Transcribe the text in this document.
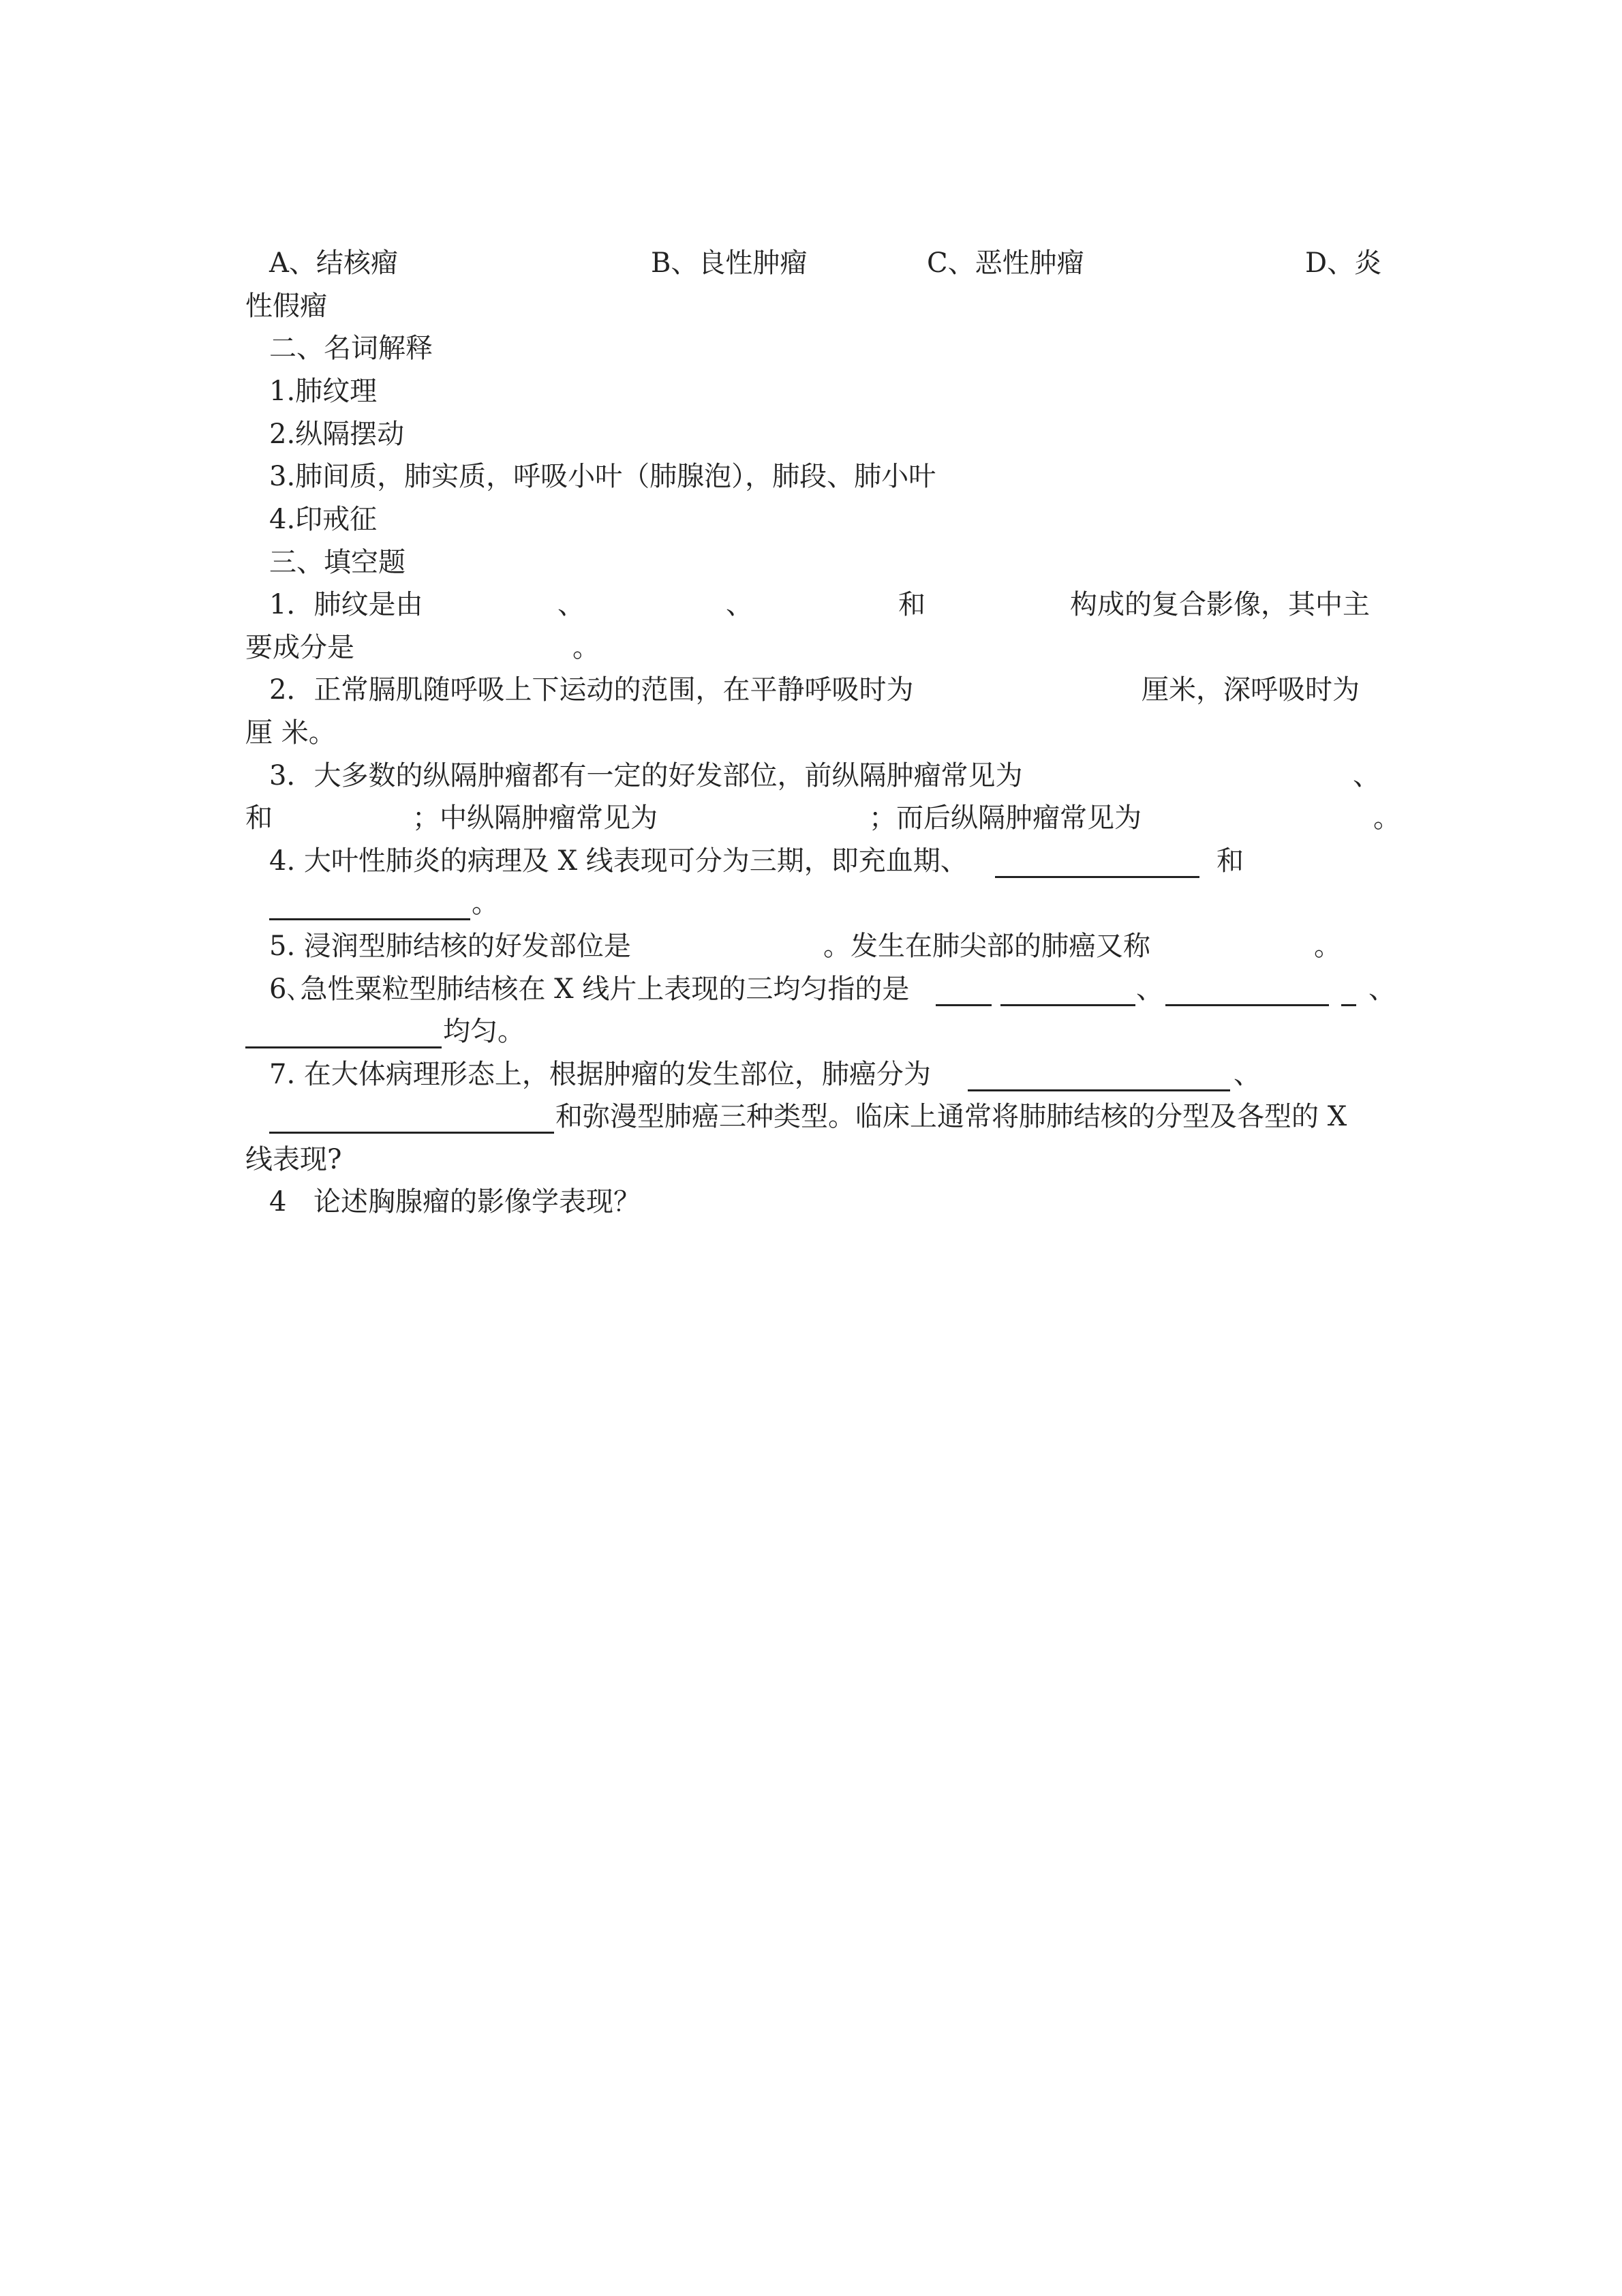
A、结核瘤	B、良性肿瘤	C、恶性肿瘤	D、炎
性假瘤
二、名词解释
1.肺纹理
2.纵隔摆动
3.肺间质，肺实质，呼吸小叶（肺腺泡），肺段、肺小叶
4.印戒征
三、填空题
1．肺纹是由	、	、	和	构成的复合影像，其中主
要成分是	。
2．正常膈肌随呼吸上下运动的范围，在平静呼吸时为	厘米，深呼吸时为
厘 米。
3．大多数的纵隔肿瘤都有一定的好发部位，前纵隔肿瘤常见为	、
和	；中纵隔肿瘤常见为	；而后纵隔肿瘤常见为	。
4. 大叶性肺炎的病理及 X 线表现可分为三期，即充血期、	和
。
5. 浸润型肺结核的好发部位是	。发生在肺尖部的肺癌又称	。
6､急性粟粒型肺结核在 X 线片上表现的三均匀指的是	、	、
均匀。
7. 在大体病理形态上，根据肿瘤的发生部位，肺癌分为	、
和弥漫型肺癌三种类型。临床上通常将肺肺结核的分型及各型的 X
线表现?
4 论述胸腺瘤的影像学表现？
